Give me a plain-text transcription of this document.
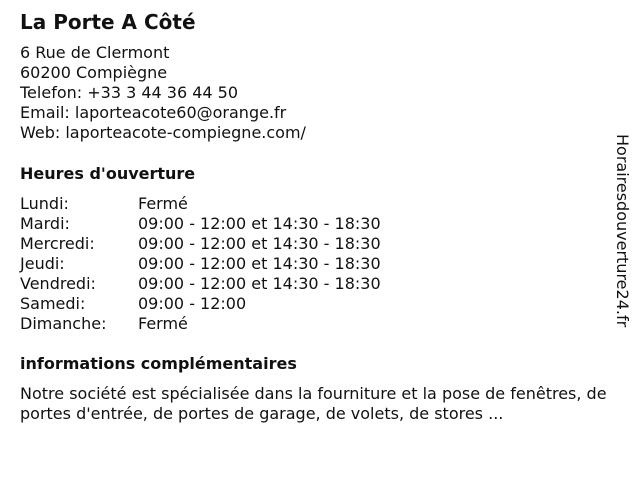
La Porte A Côté
6 Rue de Clermont
60200 Compiègne
Telefon: +33 3 44 36 44 50
Email: laporteacote60@orange.fr
Web: laporteacote-compiegne.com/
Heures d'ouverture
Lundi:	Fermé
Mardi:	09:00 - 12:00 et 14:30 - 18:30
Mercredi:	09:00 - 12:00 et 14:30 - 18:30
Jeudi:	09:00 - 12:00 et 14:30 - 18:30
Vendredi:	09:00 - 12:00 et 14:30 - 18:30
Samedi:	09:00 - 12:00
Dimanche:	Fermé
informations complémentaires
Notre société est spécialisée dans la fourniture et la pose de fenêtres, de portes d'entrée, de portes de garage, de volets, de stores ...
Horairesdouverture24.fr
